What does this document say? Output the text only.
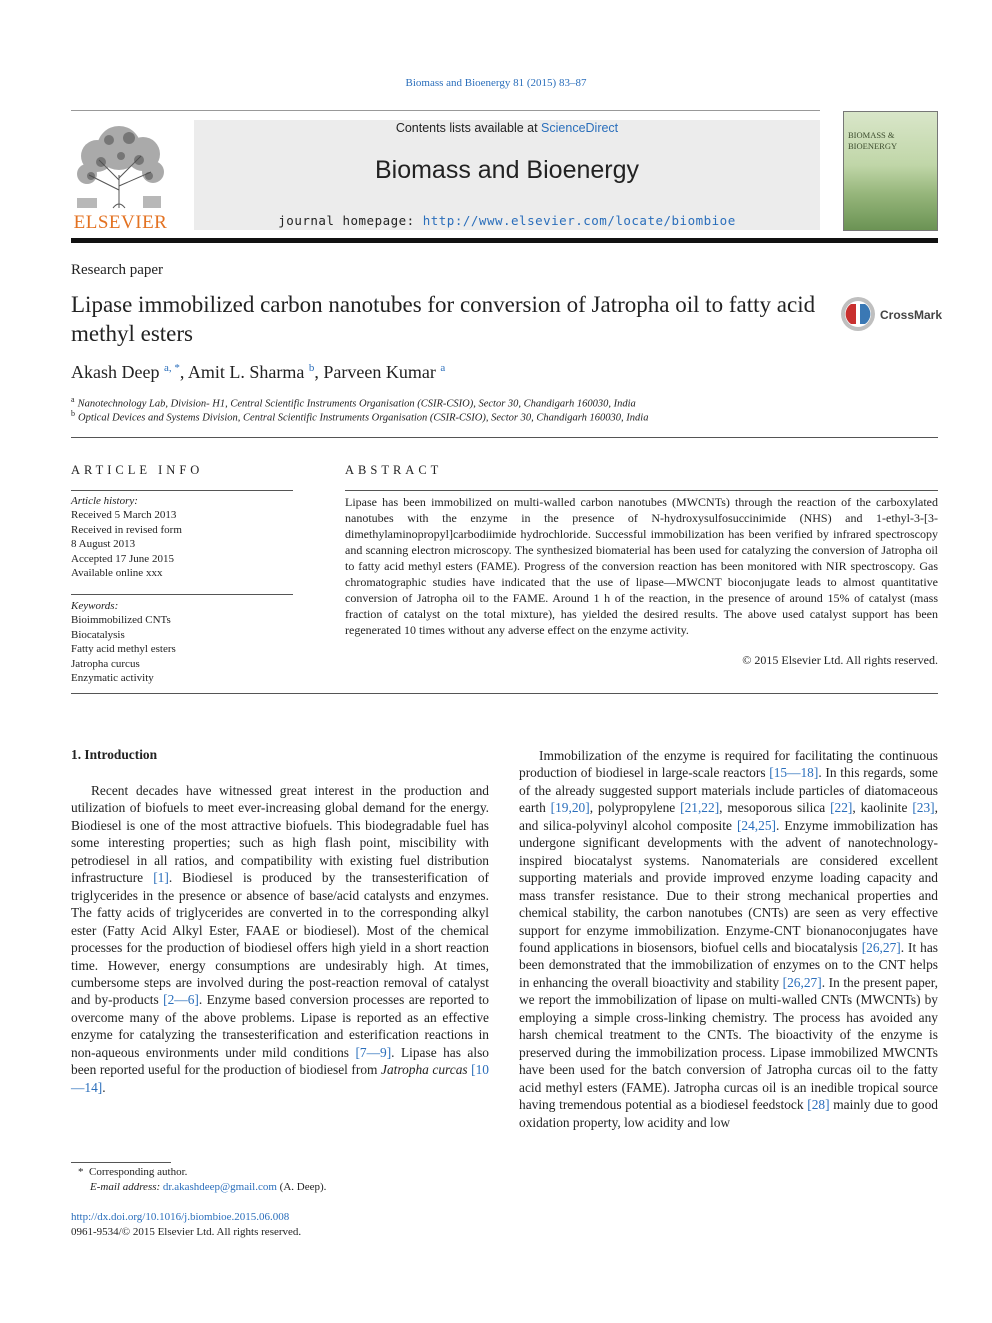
Biomass and Bioenergy 81 (2015) 83–87
ELSEVIER
Contents lists available at ScienceDirect
Biomass and Bioenergy
journal homepage: http://www.elsevier.com/locate/biombioe
BIOMASS &
BIOENERGY
Research paper
Lipase immobilized carbon nanotubes for conversion of Jatropha oil to fatty acid methyl esters
CrossMark
Akash Deep $^{a, *}$, Amit L. Sharma $^b$, Parveen Kumar $^a$
$^a$ Nanotechnology Lab, Division- H1, Central Scientific Instruments Organisation (CSIR-CSIO), Sector 30, Chandigarh 160030, India
$^b$ Optical Devices and Systems Division, Central Scientific Instruments Organisation (CSIR-CSIO), Sector 30, Chandigarh 160030, India
ARTICLE INFO
Article history:
Received 5 March 2013
Received in revised form
8 August 2013
Accepted 17 June 2015
Available online xxx
Keywords:
Bioimmobilized CNTs
Biocatalysis
Fatty acid methyl esters
Jatropha curcus
Enzymatic activity
ABSTRACT
Lipase has been immobilized on multi-walled carbon nanotubes (MWCNTs) through the reaction of the carboxylated nanotubes with the enzyme in the presence of N-hydroxysulfosuccinimide (NHS) and 1-ethyl-3-[3-dimethylaminopropyl]carbodiimide hydrochloride. Successful immobilization has been verified by infrared spectroscopy and scanning electron microscopy. The synthesized biomaterial has been used for catalyzing the conversion of Jatropha oil to fatty acid methyl esters (FAME). Progress of the conversion reaction has been monitored with NIR spectroscopy. Gas chromatographic studies have indicated that the use of lipase—MWCNT bioconjugate leads to almost quantitative conversion of Jatropha oil to the FAME. Around 1 h of the reaction, in the presence of around 15% of catalyst (mass fraction of catalyst on the total mixture), has yielded the desired results. The above used catalyst support has been regenerated 10 times without any adverse effect on the enzyme activity.
© 2015 Elsevier Ltd. All rights reserved.
1. Introduction
Recent decades have witnessed great interest in the production and utilization of biofuels to meet ever-increasing global demand for the energy. Biodiesel is one of the most attractive biofuels. This biodegradable fuel has some interesting properties; such as high flash point, miscibility with petrodiesel in all ratios, and compatibility with existing fuel distribution infrastructure [1]. Biodiesel is produced by the transesterification of triglycerides in the presence or absence of base/acid catalysts and enzymes. The fatty acids of triglycerides are converted in to the corresponding alkyl ester (Fatty Acid Alkyl Ester, FAAE or biodiesel). Most of the chemical processes for the production of biodiesel offers high yield in a short reaction time. However, energy consumptions are undesirably high. At times, cumbersome steps are involved during the post-reaction removal of catalyst and by-products [2—6]. Enzyme based conversion processes are reported to overcome many of the above problems. Lipase is reported as an effective enzyme for catalyzing the transesterification and esterification reactions in non-aqueous environments under mild conditions [7—9]. Lipase has also been reported useful for the production of biodiesel from Jatropha curcas [10—14].
Immobilization of the enzyme is required for facilitating the continuous production of biodiesel in large-scale reactors [15—18]. In this regards, some of the already suggested support materials include particles of diatomaceous earth [19,20], polypropylene [21,22], mesoporous silica [22], kaolinite [23], and silica-polyvinyl alcohol composite [24,25]. Enzyme immobilization has undergone significant developments with the advent of nanotechnology-inspired biocatalyst systems. Nanomaterials are considered excellent supporting materials and provide improved enzyme loading capacity and mass transfer resistance. Due to their strong mechanical properties and chemical stability, the carbon nanotubes (CNTs) are seen as very effective support for enzyme immobilization. Enzyme-CNT bionanoconjugates have found applications in biosensors, biofuel cells and biocatalysis [26,27]. It has been demonstrated that the immobilization of enzymes on to the CNT helps in enhancing the overall bioactivity and stability [26,27]. In the present paper, we report the immobilization of lipase on multi-walled CNTs (MWCNTs) by employing a simple cross-linking chemistry. The process has avoided any harsh chemical treatment to the CNTs. The bioactivity of the enzyme is preserved during the immobilization process. Lipase immobilized MWCNTs have been used for the batch conversion of Jatropha curcas oil to the fatty acid methyl esters (FAME). Jatropha curcas oil is an inedible tropical source having tremendous potential as a biodiesel feedstock [28] mainly due to good oxidation property, low acidity and low
* Corresponding author.
E-mail address: dr.akashdeep@gmail.com (A. Deep).
http://dx.doi.org/10.1016/j.biombioe.2015.06.008
0961-9534/© 2015 Elsevier Ltd. All rights reserved.
